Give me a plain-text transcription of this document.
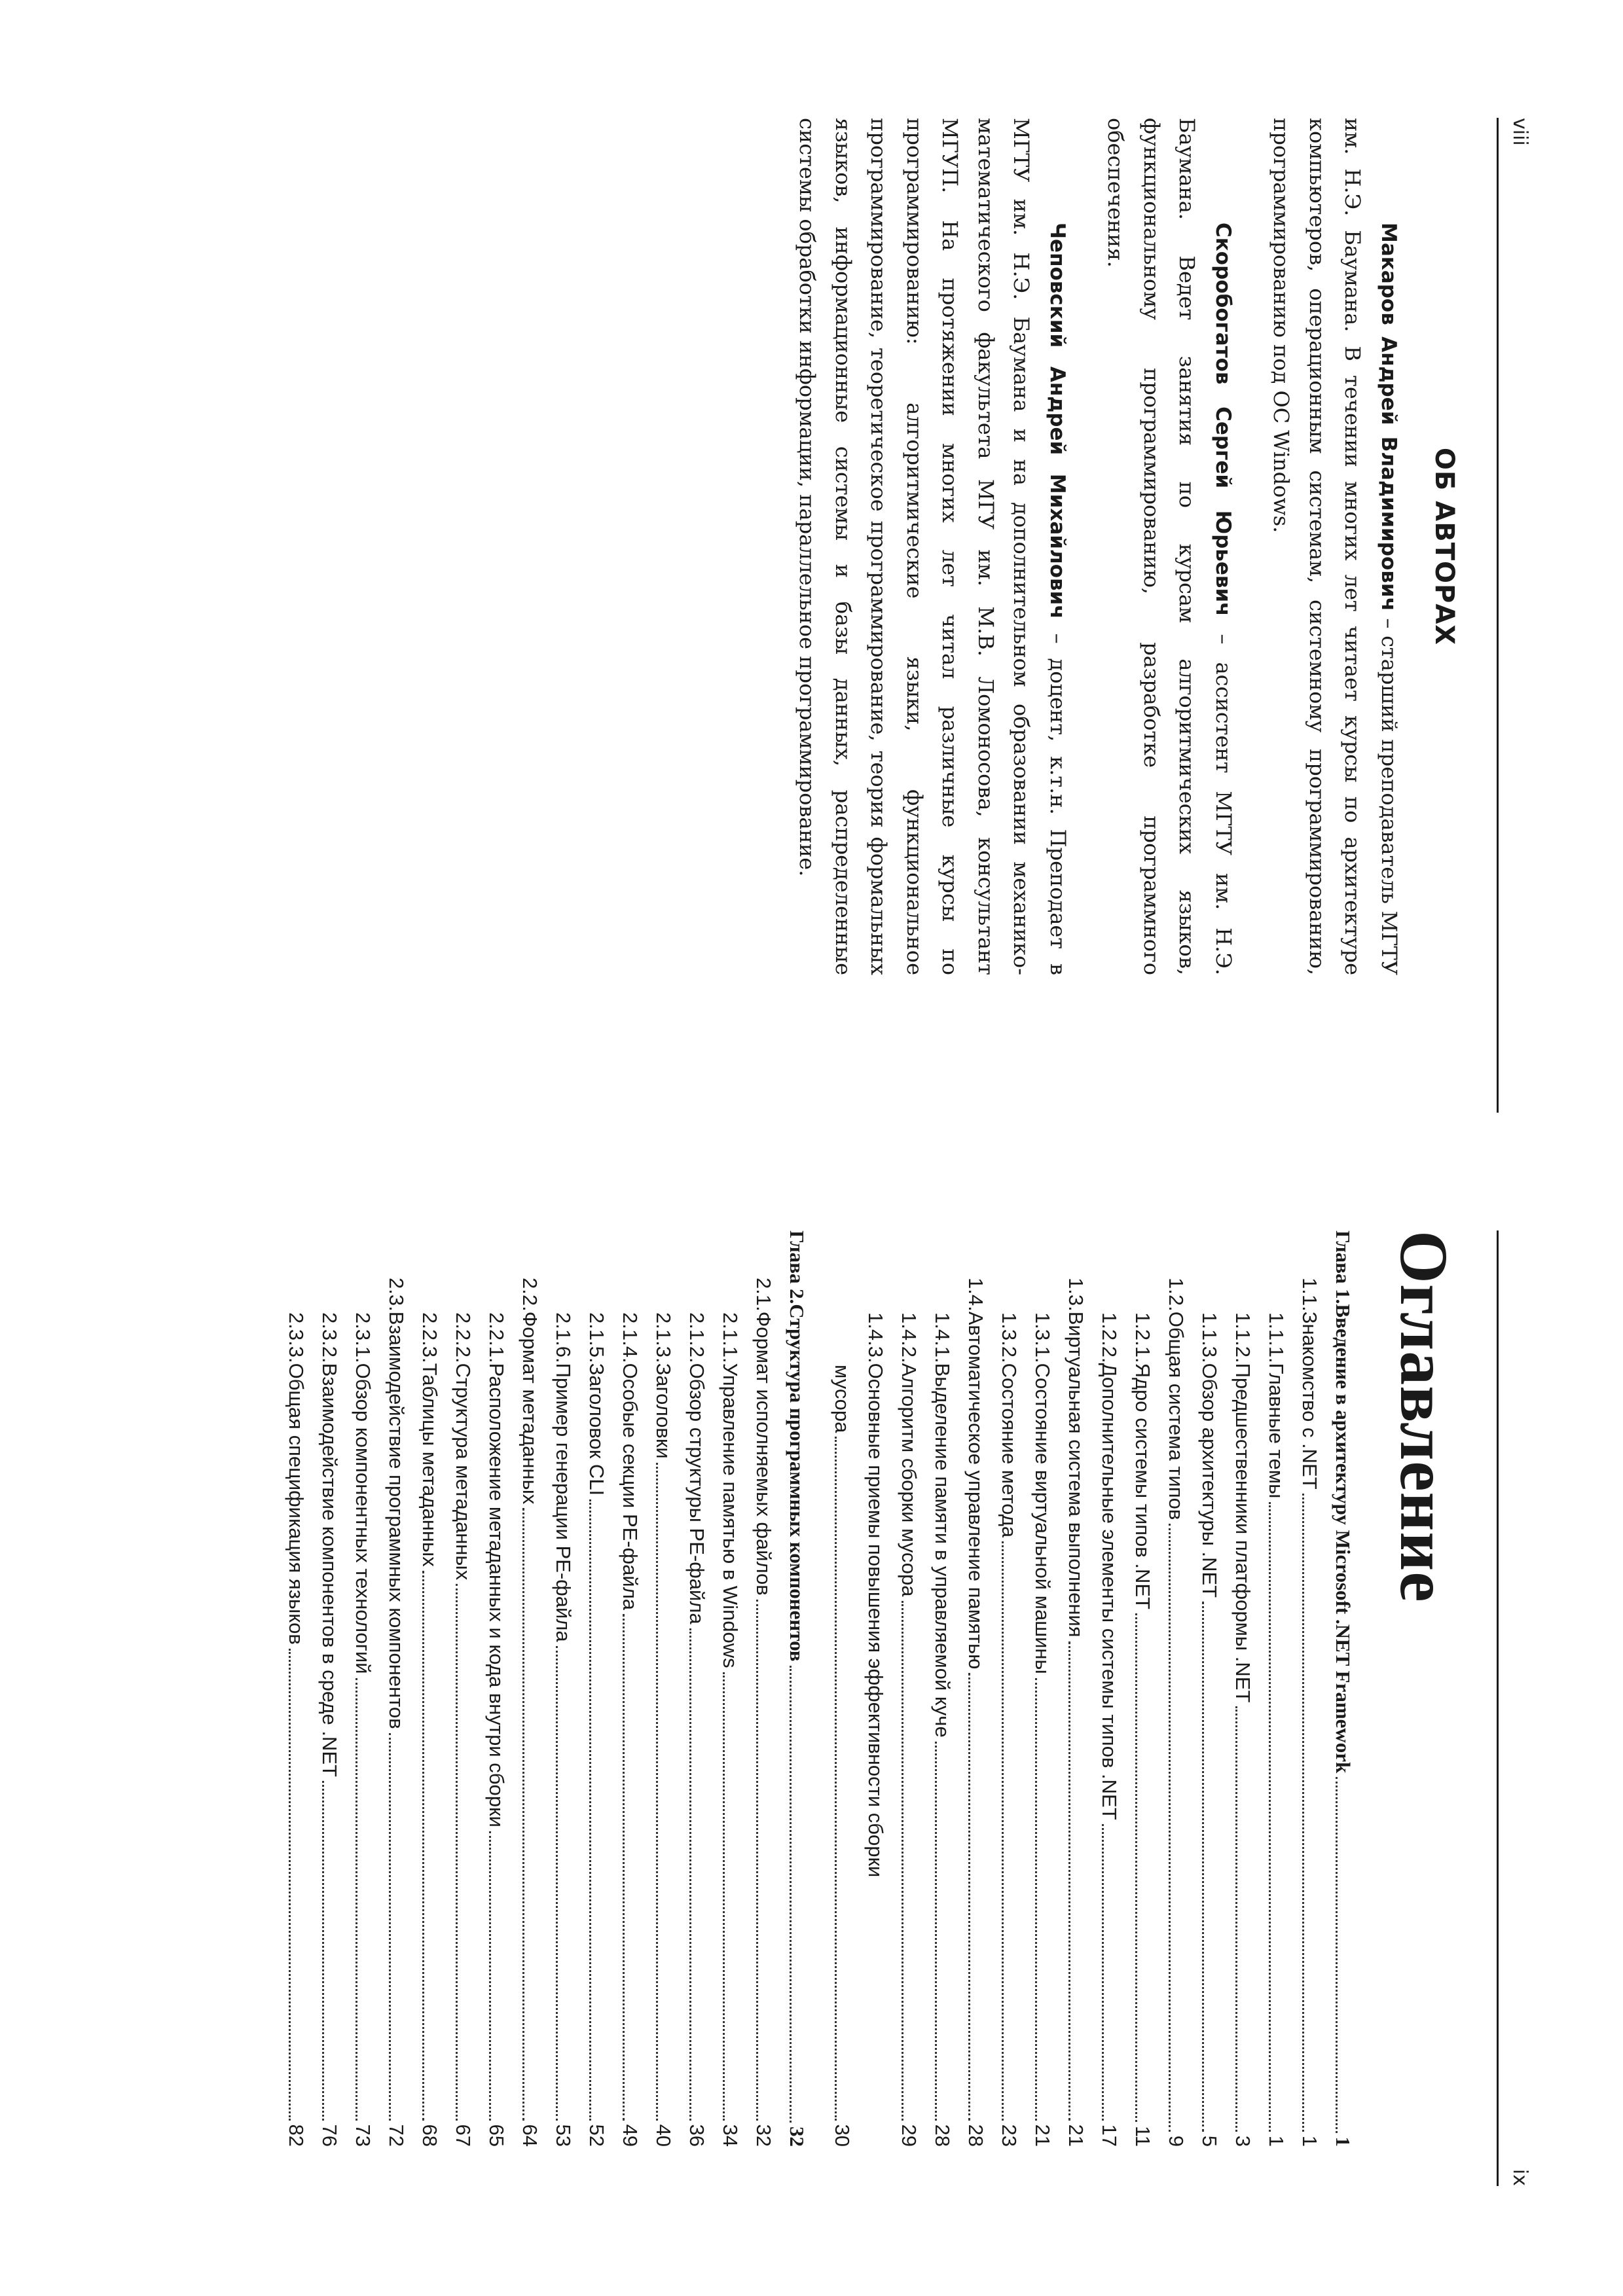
viii
ОБ АВТОРАХ

Макаров Андрей Владимирович – старший преподаватель МГТУ им. Н.Э. Баумана. В течении многих лет читает курсы по архитектуре компьютеров, операционным системам, системному программированию, программированию под ОС Windows.

Скоробогатов Сергей Юрьевич – ассистент МГТУ им. Н.Э. Баумана. Ведет занятия по курсам алгоритмических языков, функциональному программированию, разработке программного обеспечения.

Чеповский Андрей Михайлович – доцент, к.т.н. Преподает в МГТУ им. Н.Э. Баумана и на дополнительном образовании механико-математического факультета МГУ им. М.В. Ломоносова, консультант МГУП. На протяжении многих лет читал различные курсы по программированию: алгоритмические языки, функциональное программирование, теоретическое программирование, теория формальных языков, информационные системы и базы данных, распределенные системы обработки информации, параллельное программирование.

ix
Оглавление
Глава 1.
Введение в архитектуру Microsoft .NET Framework
1
1.1.
Знакомство с .NET
1
1.1.1.
Главные темы
1
1.1.2.
Предшественники платформы .NET
3
1.1.3.
Обзор архитектуры .NET
5
1.2.
Общая система типов
9
1.2.1.
Ядро системы типов .NET
11
1.2.2.
Дополнительные элементы системы типов .NET
17
1.3.
Виртуальная система выполнения
21
1.3.1.
Состояние виртуальной машины
21
1.3.2.
Состояние метода
23
1.4.
Автоматическое управление памятью
28
1.4.1.
Выделение памяти в управляемой куче
28
1.4.2.
Алгоритм сборки мусора
29
1.4.3.
Основные приемы повышения эффективности сборки
мусора
30
Глава 2.
Структура программных компонентов
32
2.1.
Формат исполняемых файлов
32
2.1.1.
Управление памятью в Windows
34
2.1.2.
Обзор структуры PE-файла
36
2.1.3.
Заголовки
40
2.1.4.
Особые секции PE-файла
49
2.1.5.
Заголовок CLI
52
2.1.6.
Пример генерации PE-файла
53
2.2.
Формат метаданных
64
2.2.1.
Расположение метаданных и кода внутри сборки
65
2.2.2.
Структура метаданных
67
2.2.3.
Таблицы метаданных
68
2.3.
Взаимодействие программных компонентов
72
2.3.1.
Обзор компонентных технологий
73
2.3.2.
Взаимодействие компонентов в среде .NET
76
2.3.3.
Общая спецификация языков
82
